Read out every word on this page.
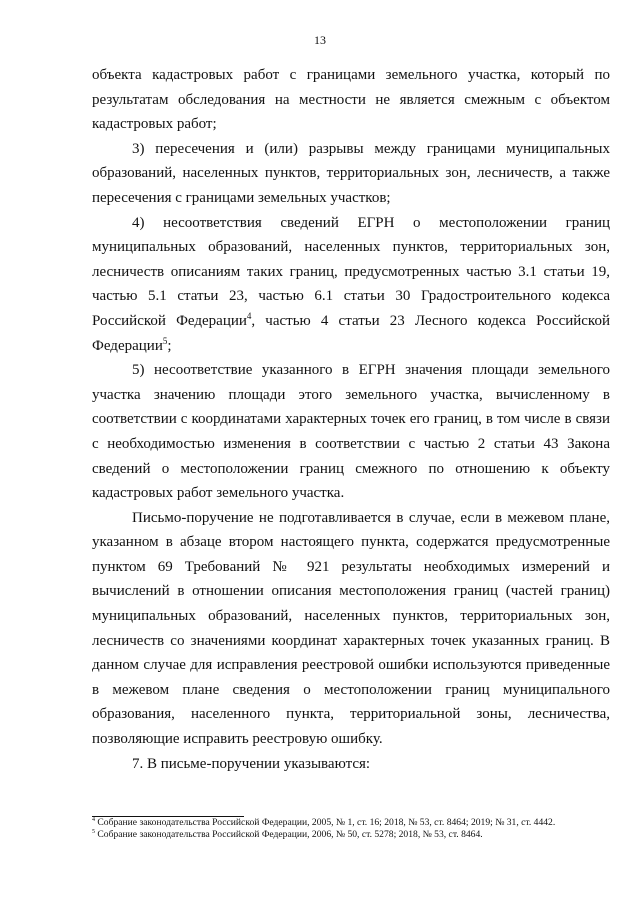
13

объекта кадастровых работ с границами земельного участка, который по результатам обследования на местности не является смежным с объектом кадастровых работ;

3) пересечения и (или) разрывы между границами муниципальных образований, населенных пунктов, территориальных зон, лесничеств, а также пересечения с границами земельных участков;

4) несоответствия сведений ЕГРН о местоположении границ муниципальных образований, населенных пунктов, территориальных зон, лесничеств описаниям таких границ, предусмотренных частью 3.1 статьи 19, частью 5.1 статьи 23, частью 6.1 статьи 30 Градостроительного кодекса Российской Федерации$^4$, частью 4 статьи 23 Лесного кодекса Российской Федерации$^5$;

5) несоответствие указанного в ЕГРН значения площади земельного участка значению площади этого земельного участка, вычисленному в соответствии с координатами характерных точек его границ, в том числе в связи с необходимостью изменения в соответствии с частью 2 статьи 43 Закона сведений о местоположении границ смежного по отношению к объекту кадастровых работ земельного участка.

Письмо-поручение не подготавливается в случае, если в межевом плане, указанном в абзаце втором настоящего пункта, содержатся предусмотренные пунктом 69 Требований № 921 результаты необходимых измерений и вычислений в отношении описания местоположения границ (частей границ) муниципальных образований, населенных пунктов, территориальных зон, лесничеств со значениями координат характерных точек указанных границ. В данном случае для исправления реестровой ошибки используются приведенные в межевом плане сведения о местоположении границ муниципального образования, населенного пункта, территориальной зоны, лесничества, позволяющие исправить реестровую ошибку.

7. В письме-поручении указываются:

$^4$ Собрание законодательства Российской Федерации, 2005, № 1, ст. 16; 2018, № 53, ст. 8464; 2019; № 31, ст. 4442.

$^5$ Собрание законодательства Российской Федерации, 2006, № 50, ст. 5278; 2018, № 53, ст. 8464.
